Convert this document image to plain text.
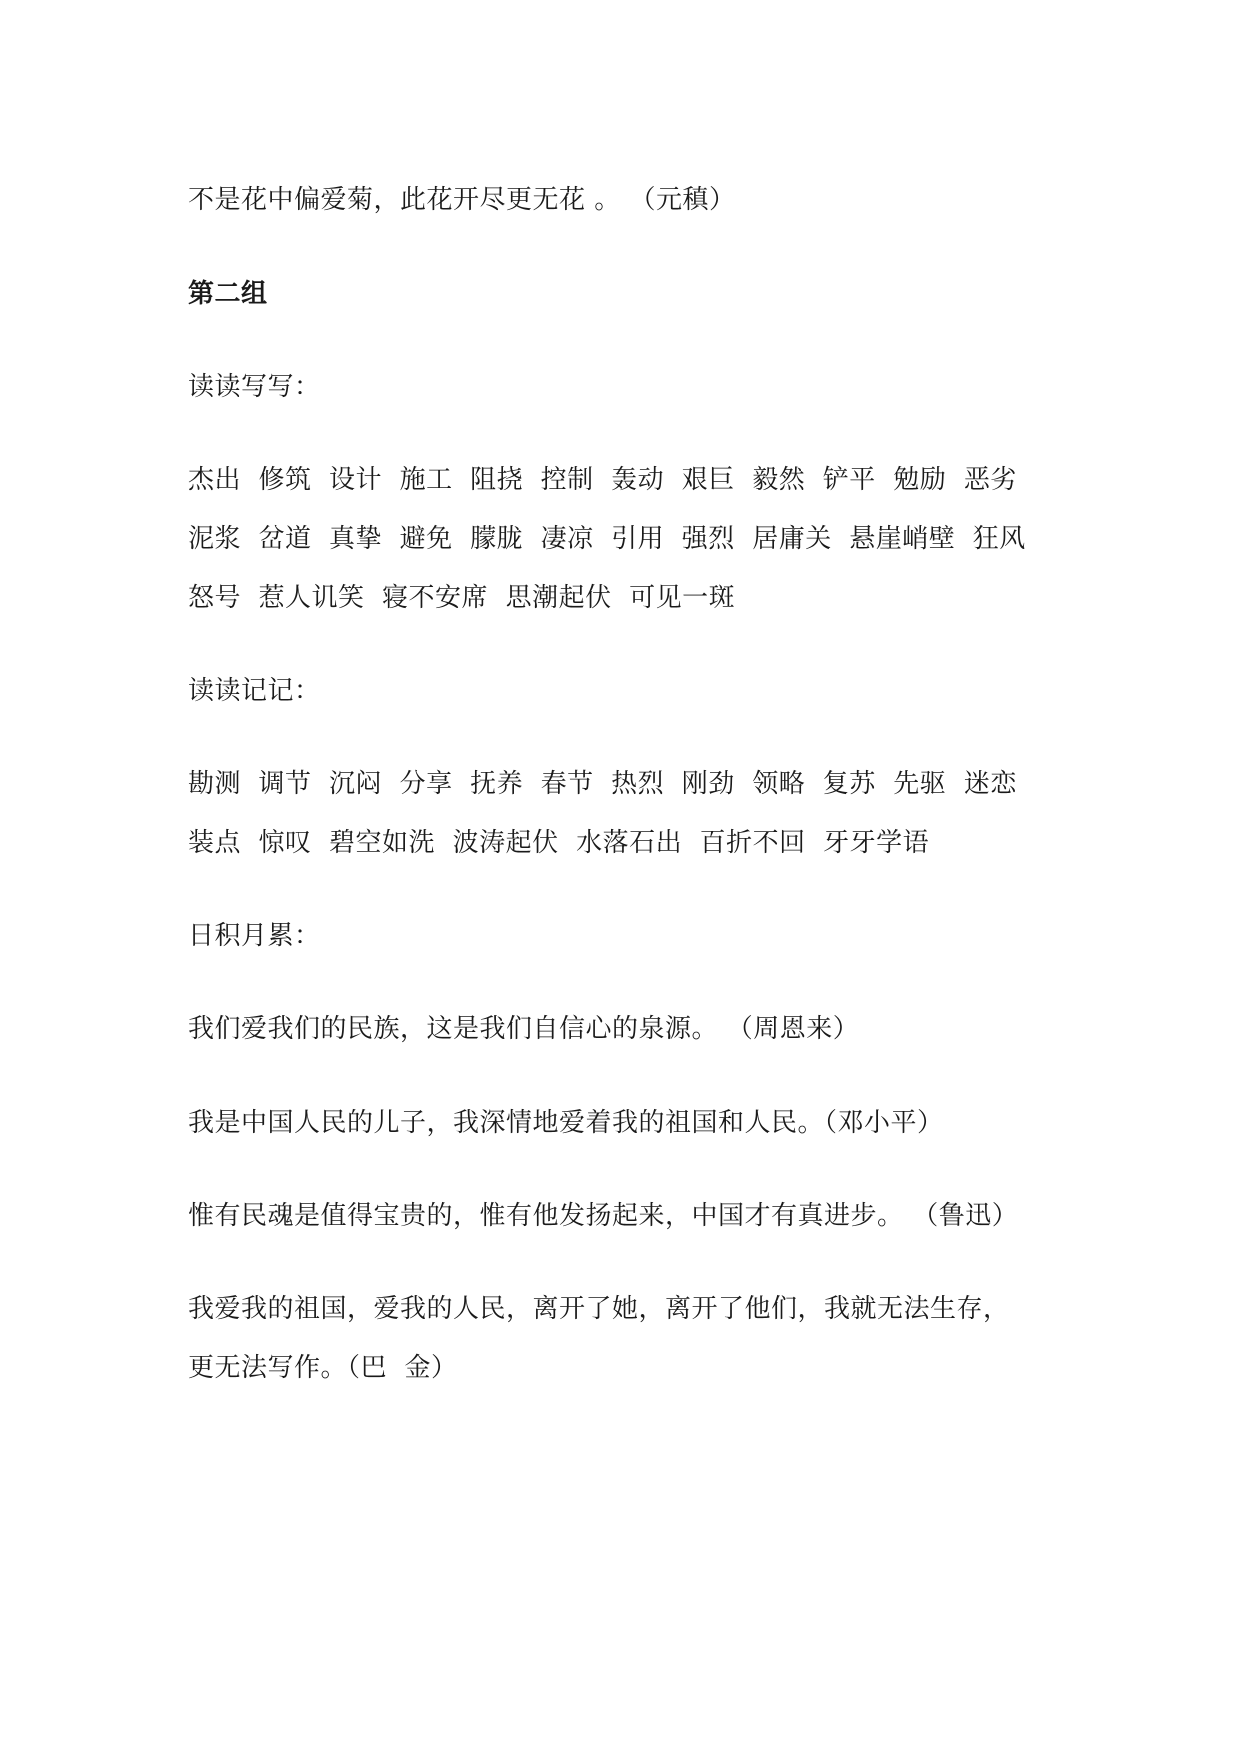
不是花中偏爱菊，此花开尽更无花 。 （元稹）
第二组
读读写写：
杰出  修筑  设计  施工  阻挠  控制  轰动  艰巨  毅然  铲平  勉励  恶劣
泥浆  岔道  真挚  避免  朦胧  凄凉  引用  强烈  居庸关  悬崖峭壁  狂风
怒号  惹人讥笑  寝不安席  思潮起伏  可见一斑
读读记记：
勘测  调节  沉闷  分享  抚养  春节  热烈  刚劲  领略  复苏  先驱  迷恋
装点  惊叹  碧空如洗  波涛起伏  水落石出  百折不回  牙牙学语
日积月累：
我们爱我们的民族，这是我们自信心的泉源。 （周恩来）
我是中国人民的儿子，我深情地爱着我的祖国和人民。（邓小平）
惟有民魂是值得宝贵的，惟有他发扬起来，中国才有真进步。 （鲁迅）
我爱我的祖国，爱我的人民，离开了她，离开了他们，我就无法生存，
更无法写作。（巴  金）
